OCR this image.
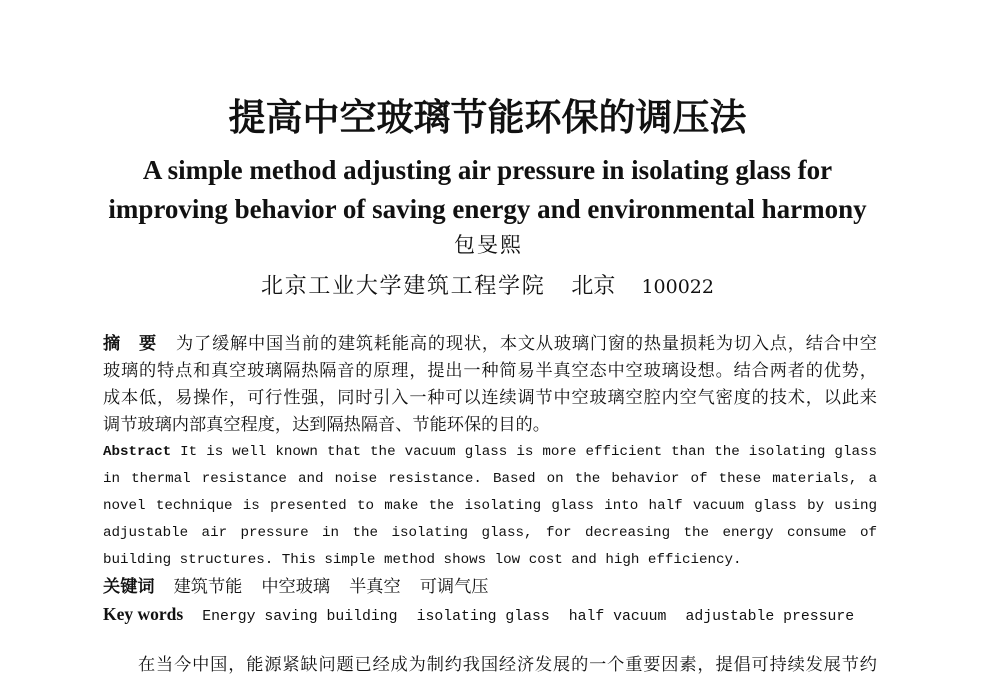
提高中空玻璃节能环保的调压法
A simple method adjusting air pressure in isolating glass for
improving behavior of saving energy and environmental harmony
包旻熙
北京工业大学建筑工程学院 北京 100022
摘　要 为了缓解中国当前的建筑耗能高的现状，本文从玻璃门窗的热量损耗为切入点，结合中空
玻璃的特点和真空玻璃隔热隔音的原理，提出一种简易半真空态中空玻璃设想。结合两者的优势，
成本低，易操作，可行性强，同时引入一种可以连续调节中空玻璃空腔内空气密度的技术，以此来
调节玻璃内部真空程度，达到隔热隔音、节能环保的目的。
Abstract It is well known that the vacuum glass is more efficient than the isolating glass
in thermal resistance and noise resistance. Based on the behavior of these materials, a
novel technique is presented to make the isolating glass into half vacuum glass by using
adjustable air pressure in the isolating glass, for decreasing the energy consume of
building structures. This simple method shows low cost and high efficiency.
关键词 建筑节能 中空玻璃 半真空 可调气压
Key words Energy saving building isolating glass half vacuum adjustable pressure
在当今中国，能源紧缺问题已经成为制约我国经济发展的一个重要因素，提倡可持续发展节约
